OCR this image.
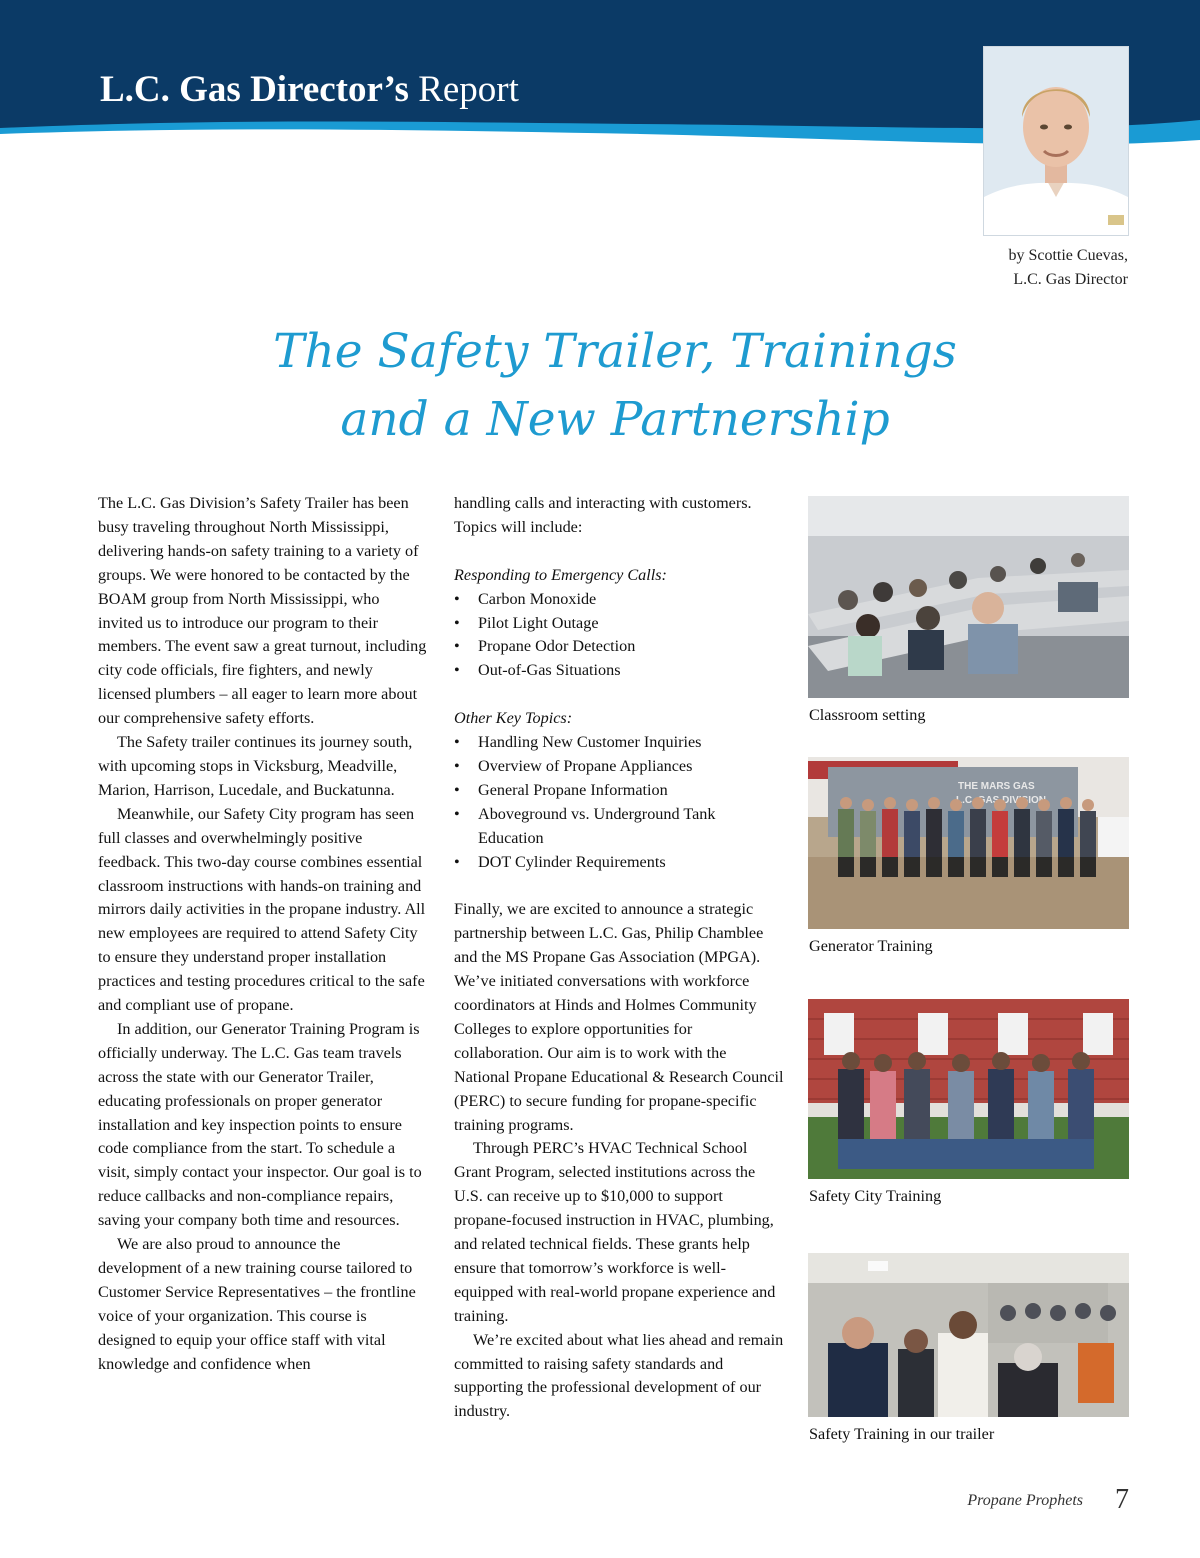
L.C. Gas Director’s Report
by Scottie Cuevas,
L.C. Gas Director
The Safety Trailer, Trainings
and a New Partnership

The L.C. Gas Division’s Safety Trailer has been busy traveling throughout North Mississippi, delivering hands-on safety training to a variety of groups. We were honored to be contacted by the BOAM group from North Mississippi, who invited us to introduce our program to their members. The event saw a great turnout, including city code officials, fire fighters, and newly licensed plumbers – all eager to learn more about our comprehensive safety efforts.

The Safety trailer continues its journey south, with upcoming stops in Vicksburg, Meadville, Marion, Harrison, Lucedale, and Buckatunna.

Meanwhile, our Safety City program has seen full classes and overwhelmingly positive feedback. This two-day course combines essential classroom instructions with hands-on training and mirrors daily activities in the propane industry. All new employees are required to attend Safety City to ensure they understand proper installation practices and testing procedures critical to the safe and compliant use of propane.

In addition, our Generator Training Program is officially underway. The L.C. Gas team travels across the state with our Generator Trailer, educating professionals on proper generator installation and key inspection points to ensure code compliance from the start. To schedule a visit, simply contact your inspector. Our goal is to reduce callbacks and non-compliance repairs, saving your company both time and resources.

We are also proud to announce the development of a new training course tailored to Customer Service Representatives – the frontline voice of your organization. This course is designed to equip your office staff with vital knowledge and confidence when

handling calls and interacting with customers. Topics will include:

Responding to Emergency Calls:

• Carbon Monoxide
• Pilot Light Outage
• Propane Odor Detection
• Out-of-Gas Situations

Other Key Topics:

• Handling New Customer Inquiries
• Overview of Propane Appliances
• General Propane Information
• Aboveground vs. Underground Tank Education
• DOT Cylinder Requirements

Finally, we are excited to announce a strategic partnership between L.C. Gas, Philip Chamblee and the MS Propane Gas Association (MPGA). We’ve initiated conversations with workforce coordinators at Hinds and Holmes Community Colleges to explore opportunities for collaboration. Our aim is to work with the National Propane Educational & Research Council (PERC) to secure funding for propane-specific training programs.

Through PERC’s HVAC Technical School Grant Program, selected institutions across the U.S. can receive up to $10,000 to support propane-focused instruction in HVAC, plumbing, and related technical fields. These grants help ensure that tomorrow’s workforce is well-equipped with real-world propane experience and training.

We’re excited about what lies ahead and remain committed to raising safety standards and supporting the professional development of our industry.

Classroom setting
THE MARS GAS
L.C. GAS
Generator Training
Safety City Training
Safety Training in our trailer
Propane Prophets 7
